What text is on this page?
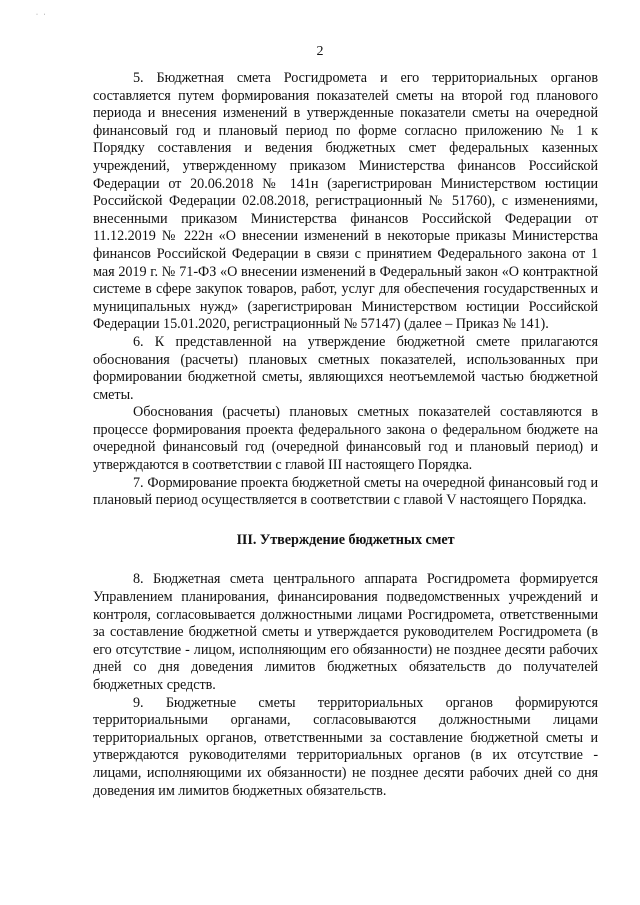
· ·
2

5. Бюджетная смета Росгидромета и его территориальных органов составляется путем формирования показателей сметы на второй год планового периода и внесения изменений в утвержденные показатели сметы на очередной финансовый год и плановый период по форме согласно приложению № 1 к Порядку составления и ведения бюджетных смет федеральных казенных учреждений, утвержденному приказом Министерства финансов Российской Федерации от 20.06.2018 № 141н (зарегистрирован Министерством юстиции Российской Федерации 02.08.2018, регистрационный № 51760), с изменениями, внесенными приказом Министерства финансов Российской Федерации от 11.12.2019 № 222н «О внесении изменений в некоторые приказы Министерства финансов Российской Федерации в связи с принятием Федерального закона от 1 мая 2019 г. № 71-ФЗ «О внесении изменений в Федеральный закон «О контрактной системе в сфере закупок товаров, работ, услуг для обеспечения государственных и муниципальных нужд» (зарегистрирован Министерством юстиции Российской Федерации 15.01.2020, регистрационный № 57147) (далее – Приказ № 141).

6. К представленной на утверждение бюджетной смете прилагаются обоснования (расчеты) плановых сметных показателей, использованных при формировании бюджетной сметы, являющихся неотъемлемой частью бюджетной сметы.

Обоснования (расчеты) плановых сметных показателей составляются в процессе формирования проекта федерального закона о федеральном бюджете на очередной финансовый год (очередной финансовый год и плановый период) и утверждаются в соответствии с главой III настоящего Порядка.

7. Формирование проекта бюджетной сметы на очередной финансовый год и плановый период осуществляется в соответствии с главой V настоящего Порядка.

III. Утверждение бюджетных смет

8. Бюджетная смета центрального аппарата Росгидромета формируется Управлением планирования, финансирования подведомственных учреждений и контроля, согласовывается должностными лицами Росгидромета, ответственными за составление бюджетной сметы и утверждается руководителем Росгидромета (в его отсутствие - лицом, исполняющим его обязанности) не позднее десяти рабочих дней со дня доведения лимитов бюджетных обязательств до получателей бюджетных средств.

9. Бюджетные сметы территориальных органов формируются территориальными органами, согласовываются должностными лицами территориальных органов, ответственными за составление бюджетной сметы и утверждаются руководителями территориальных органов (в их отсутствие - лицами, исполняющими их обязанности) не позднее десяти рабочих дней со дня доведения им лимитов бюджетных обязательств.
